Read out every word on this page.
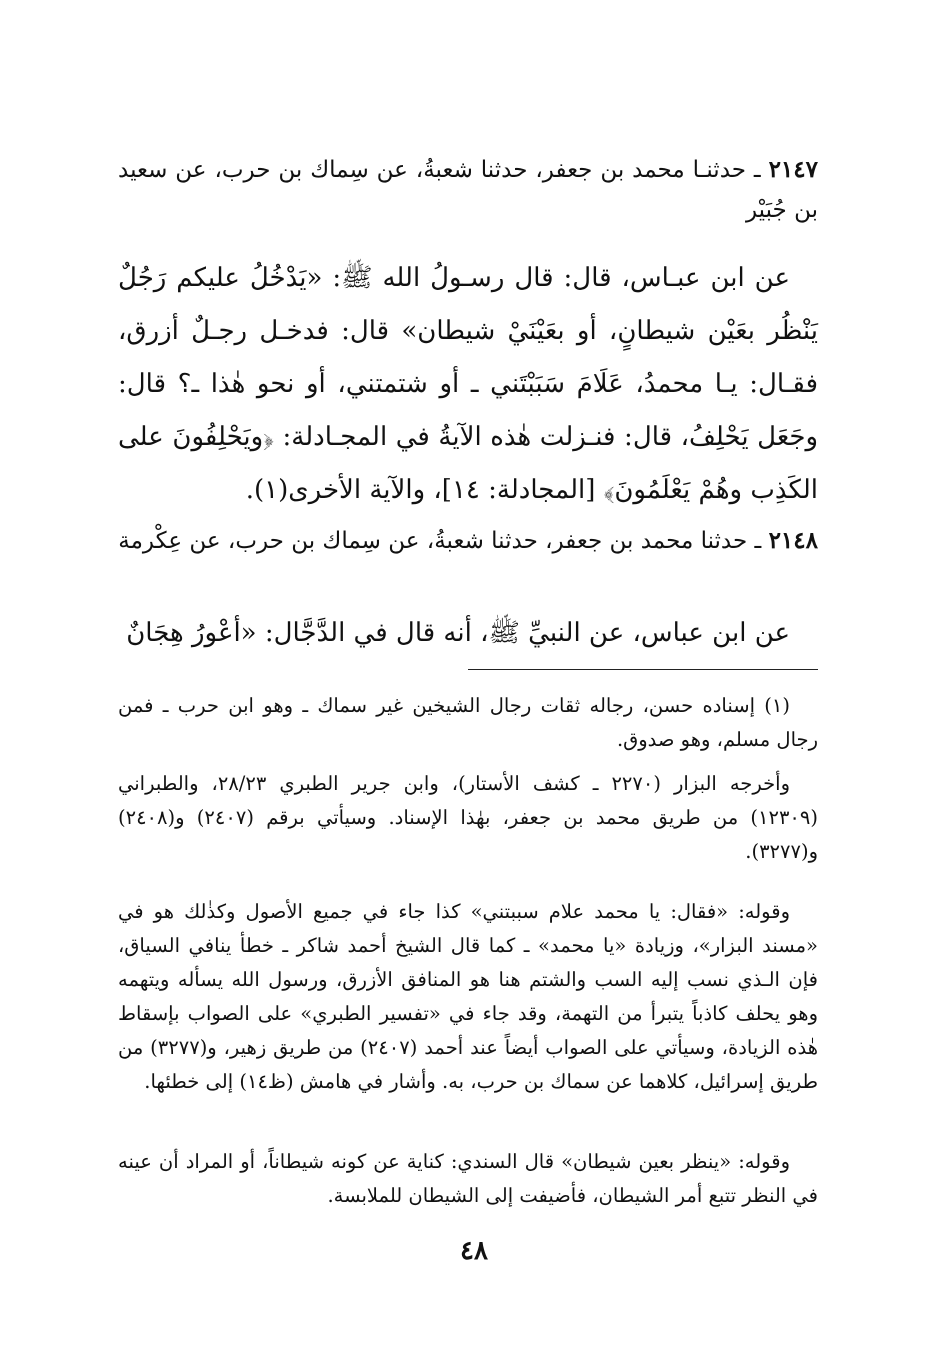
٢١٤٧ ـ حدثنـا محمد بن جعفر، حدثنا شعبةُ، عن سِماك بن حرب، عن سعيد بن جُبَيْر

عن ابن عبـاس، قال: قال رسـولُ الله ﷺ: «يَدْخُلُ عليكم رَجُلٌ يَنْظُر بعَيْن شيطانٍ، أو بعَيْنَيْ شيطان» قال: فدخـل رجـلٌ أزرق، فقـال: يـا محمدُ، عَلَامَ سَبَبْتَني ـ أو شتمتني، أو نحو هٰذا ـ؟ قال: وجَعَل يَحْلِفُ، قال: فنـزلت هٰذه الآيةُ في المجـادلة: ﴿ويَحْلِفُونَ على الكَذِب وهُمْ يَعْلَمُونَ﴾ [المجادلة: ١٤]، والآية الأخرى(١).

٢١٤٨ ـ حدثنا محمد بن جعفر، حدثنا شعبةُ، عن سِماك بن حرب، عن عِكْرمة

عن ابن عباس، عن النبيِّ ﷺ، أنه قال في الدَّجَّال: «أعْورُ هِجَانٌ

(١) إسناده حسن، رجاله ثقات رجال الشيخين غير سماك ـ وهو ابن حرب ـ فمن رجال مسلم، وهو صدوق.

وأخرجه البزار (٢٢٧٠ ـ كشف الأستار)، وابن جرير الطبري ٢٨/٢٣، والطبراني (١٢٣٠٩) من طريق محمد بن جعفر، بهٰذا الإسناد. وسيأتي برقم (٢٤٠٧) و(٢٤٠٨) و(٣٢٧٧).

وقوله: «فقال: يا محمد علام سببتني» كذا جاء في جميع الأصول وكذٰلك هو في «مسند البزار»، وزيادة «يا محمد» ـ كما قال الشيخ أحمد شاكر ـ خطأ ينافي السياق، فإن الـذي نسب إليه السب والشتم هنا هو المنافق الأزرق، ورسول الله يسأله ويتهمه وهو يحلف كاذباً يتبرأ من التهمة، وقد جاء في «تفسير الطبري» على الصواب بإسقاط هٰذه الزيادة، وسيأتي على الصواب أيضاً عند أحمد (٢٤٠٧) من طريق زهير، و(٣٢٧٧) من طريق إسرائيل، كلاهما عن سماك بن حرب، به. وأشار في هامش (ظ١٤) إلى خطئها.

وقوله: «ينظر بعين شيطان» قال السندي: كناية عن كونه شيطاناً، أو المراد أن عينه في النظر تتبع أمر الشيطان، فأضيفت إلى الشيطان للملابسة.

٤٨
